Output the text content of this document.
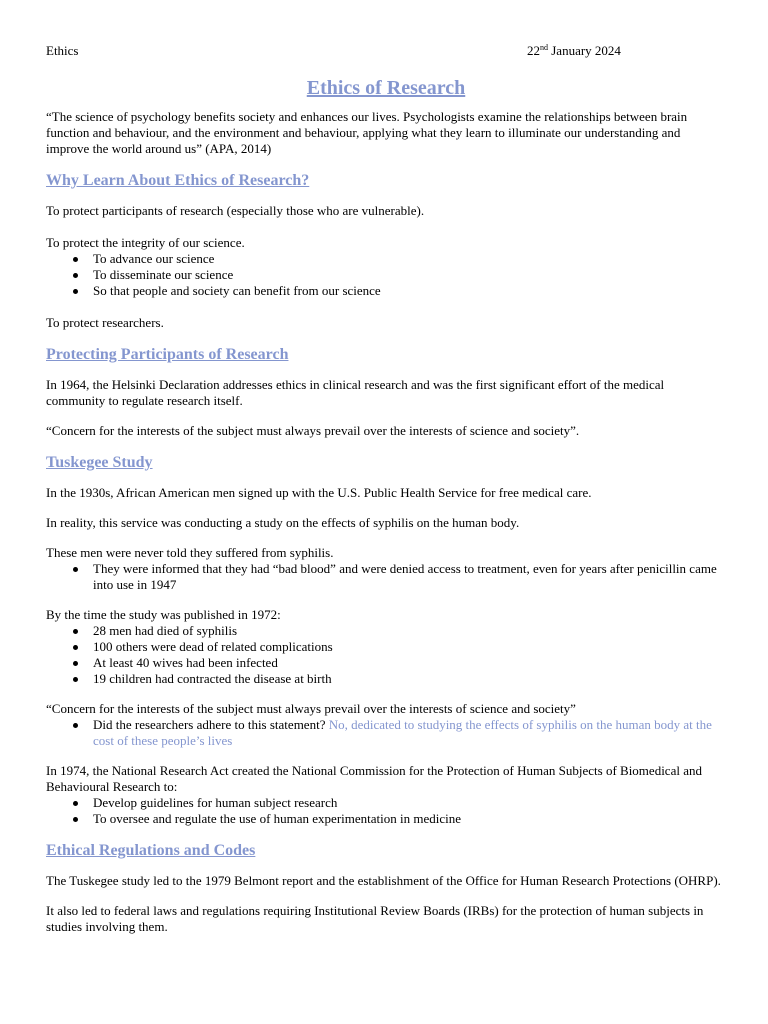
Ethics	22nd January 2024
Ethics of Research

“The science of psychology benefits society and enhances our lives. Psychologists examine the relationships between brain function and behaviour, and the environment and behaviour, applying what they learn to illuminate our understanding and improve the world around us” (APA, 2014)

Why Learn About Ethics of Research?

To protect participants of research (especially those who are vulnerable).

To protect the integrity of our science.

To advance our science
To disseminate our science
So that people and society can benefit from our science

To protect researchers.

Protecting Participants of Research

In 1964, the Helsinki Declaration addresses ethics in clinical research and was the first significant effort of the medical community to regulate research itself.

“Concern for the interests of the subject must always prevail over the interests of science and society”.

Tuskegee Study

In the 1930s, African American men signed up with the U.S. Public Health Service for free medical care.

In reality, this service was conducting a study on the effects of syphilis on the human body.

These men were never told they suffered from syphilis.

They were informed that they had “bad blood” and were denied access to treatment, even for years after penicillin came into use in 1947

By the time the study was published in 1972:

28 men had died of syphilis
100 others were dead of related complications
At least 40 wives had been infected
19 children had contracted the disease at birth

“Concern for the interests of the subject must always prevail over the interests of science and society”

Did the researchers adhere to this statement? No, dedicated to studying the effects of syphilis on the human body at the cost of these people’s lives

In 1974, the National Research Act created the National Commission for the Protection of Human Subjects of Biomedical and Behavioural Research to:

Develop guidelines for human subject research
To oversee and regulate the use of human experimentation in medicine
Ethical Regulations and Codes

The Tuskegee study led to the 1979 Belmont report and the establishment of the Office for Human Research Protections (OHRP).

It also led to federal laws and regulations requiring Institutional Review Boards (IRBs) for the protection of human subjects in studies involving them.
